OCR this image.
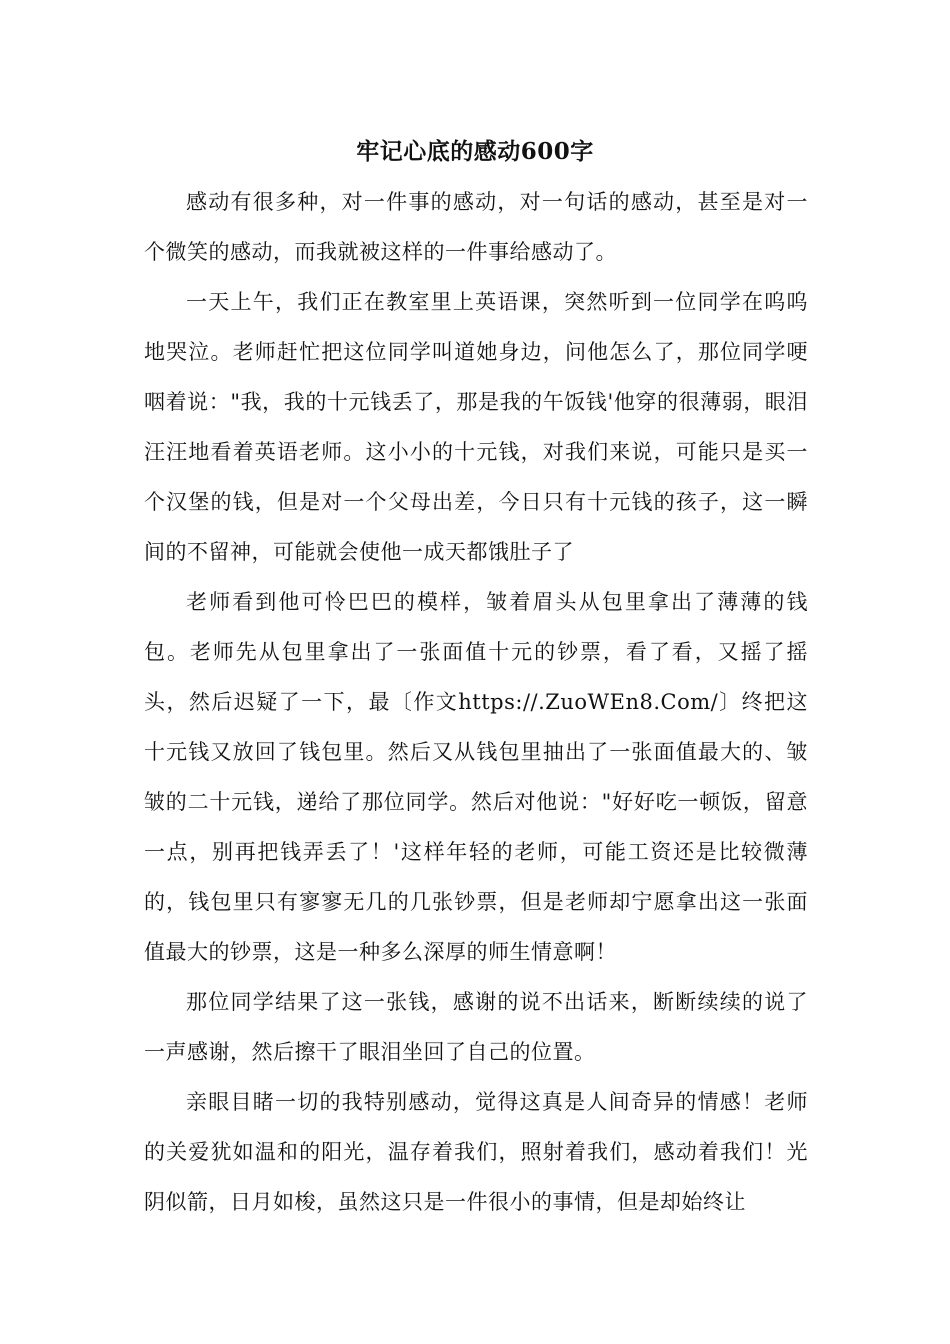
牢记心底的感动600字

感动有很多种，对一件事的感动，对一句话的感动，甚至是对一个微笑的感动，而我就被这样的一件事给感动了。

一天上午，我们正在教室里上英语课，突然听到一位同学在呜呜地哭泣。老师赶忙把这位同学叫道她身边，问他怎么了，那位同学哽咽着说："我，我的十元钱丢了，那是我的午饭钱'他穿的很薄弱，眼泪汪汪地看着英语老师。这小小的十元钱，对我们来说，可能只是买一个汉堡的钱，但是对一个父母出差，今日只有十元钱的孩子，这一瞬间的不留神，可能就会使他一成天都饿肚子了

老师看到他可怜巴巴的模样，皱着眉头从包里拿出了薄薄的钱包。老师先从包里拿出了一张面值十元的钞票，看了看，又摇了摇头，然后迟疑了一下，最〔作文https://.ZuoWEn8.Com/〕终把这十元钱又放回了钱包里。然后又从钱包里抽出了一张面值最大的、皱皱的二十元钱，递给了那位同学。然后对他说："好好吃一顿饭，留意一点，别再把钱弄丢了！'这样年轻的老师，可能工资还是比较微薄的，钱包里只有寥寥无几的几张钞票，但是老师却宁愿拿出这一张面值最大的钞票，这是一种多么深厚的师生情意啊！

那位同学结果了这一张钱，感谢的说不出话来，断断续续的说了一声感谢，然后擦干了眼泪坐回了自己的位置。

亲眼目睹一切的我特别感动，觉得这真是人间奇异的情感！老师的关爱犹如温和的阳光，温存着我们，照射着我们，感动着我们！光阴似箭，日月如梭，虽然这只是一件很小的事情，但是却始终让
